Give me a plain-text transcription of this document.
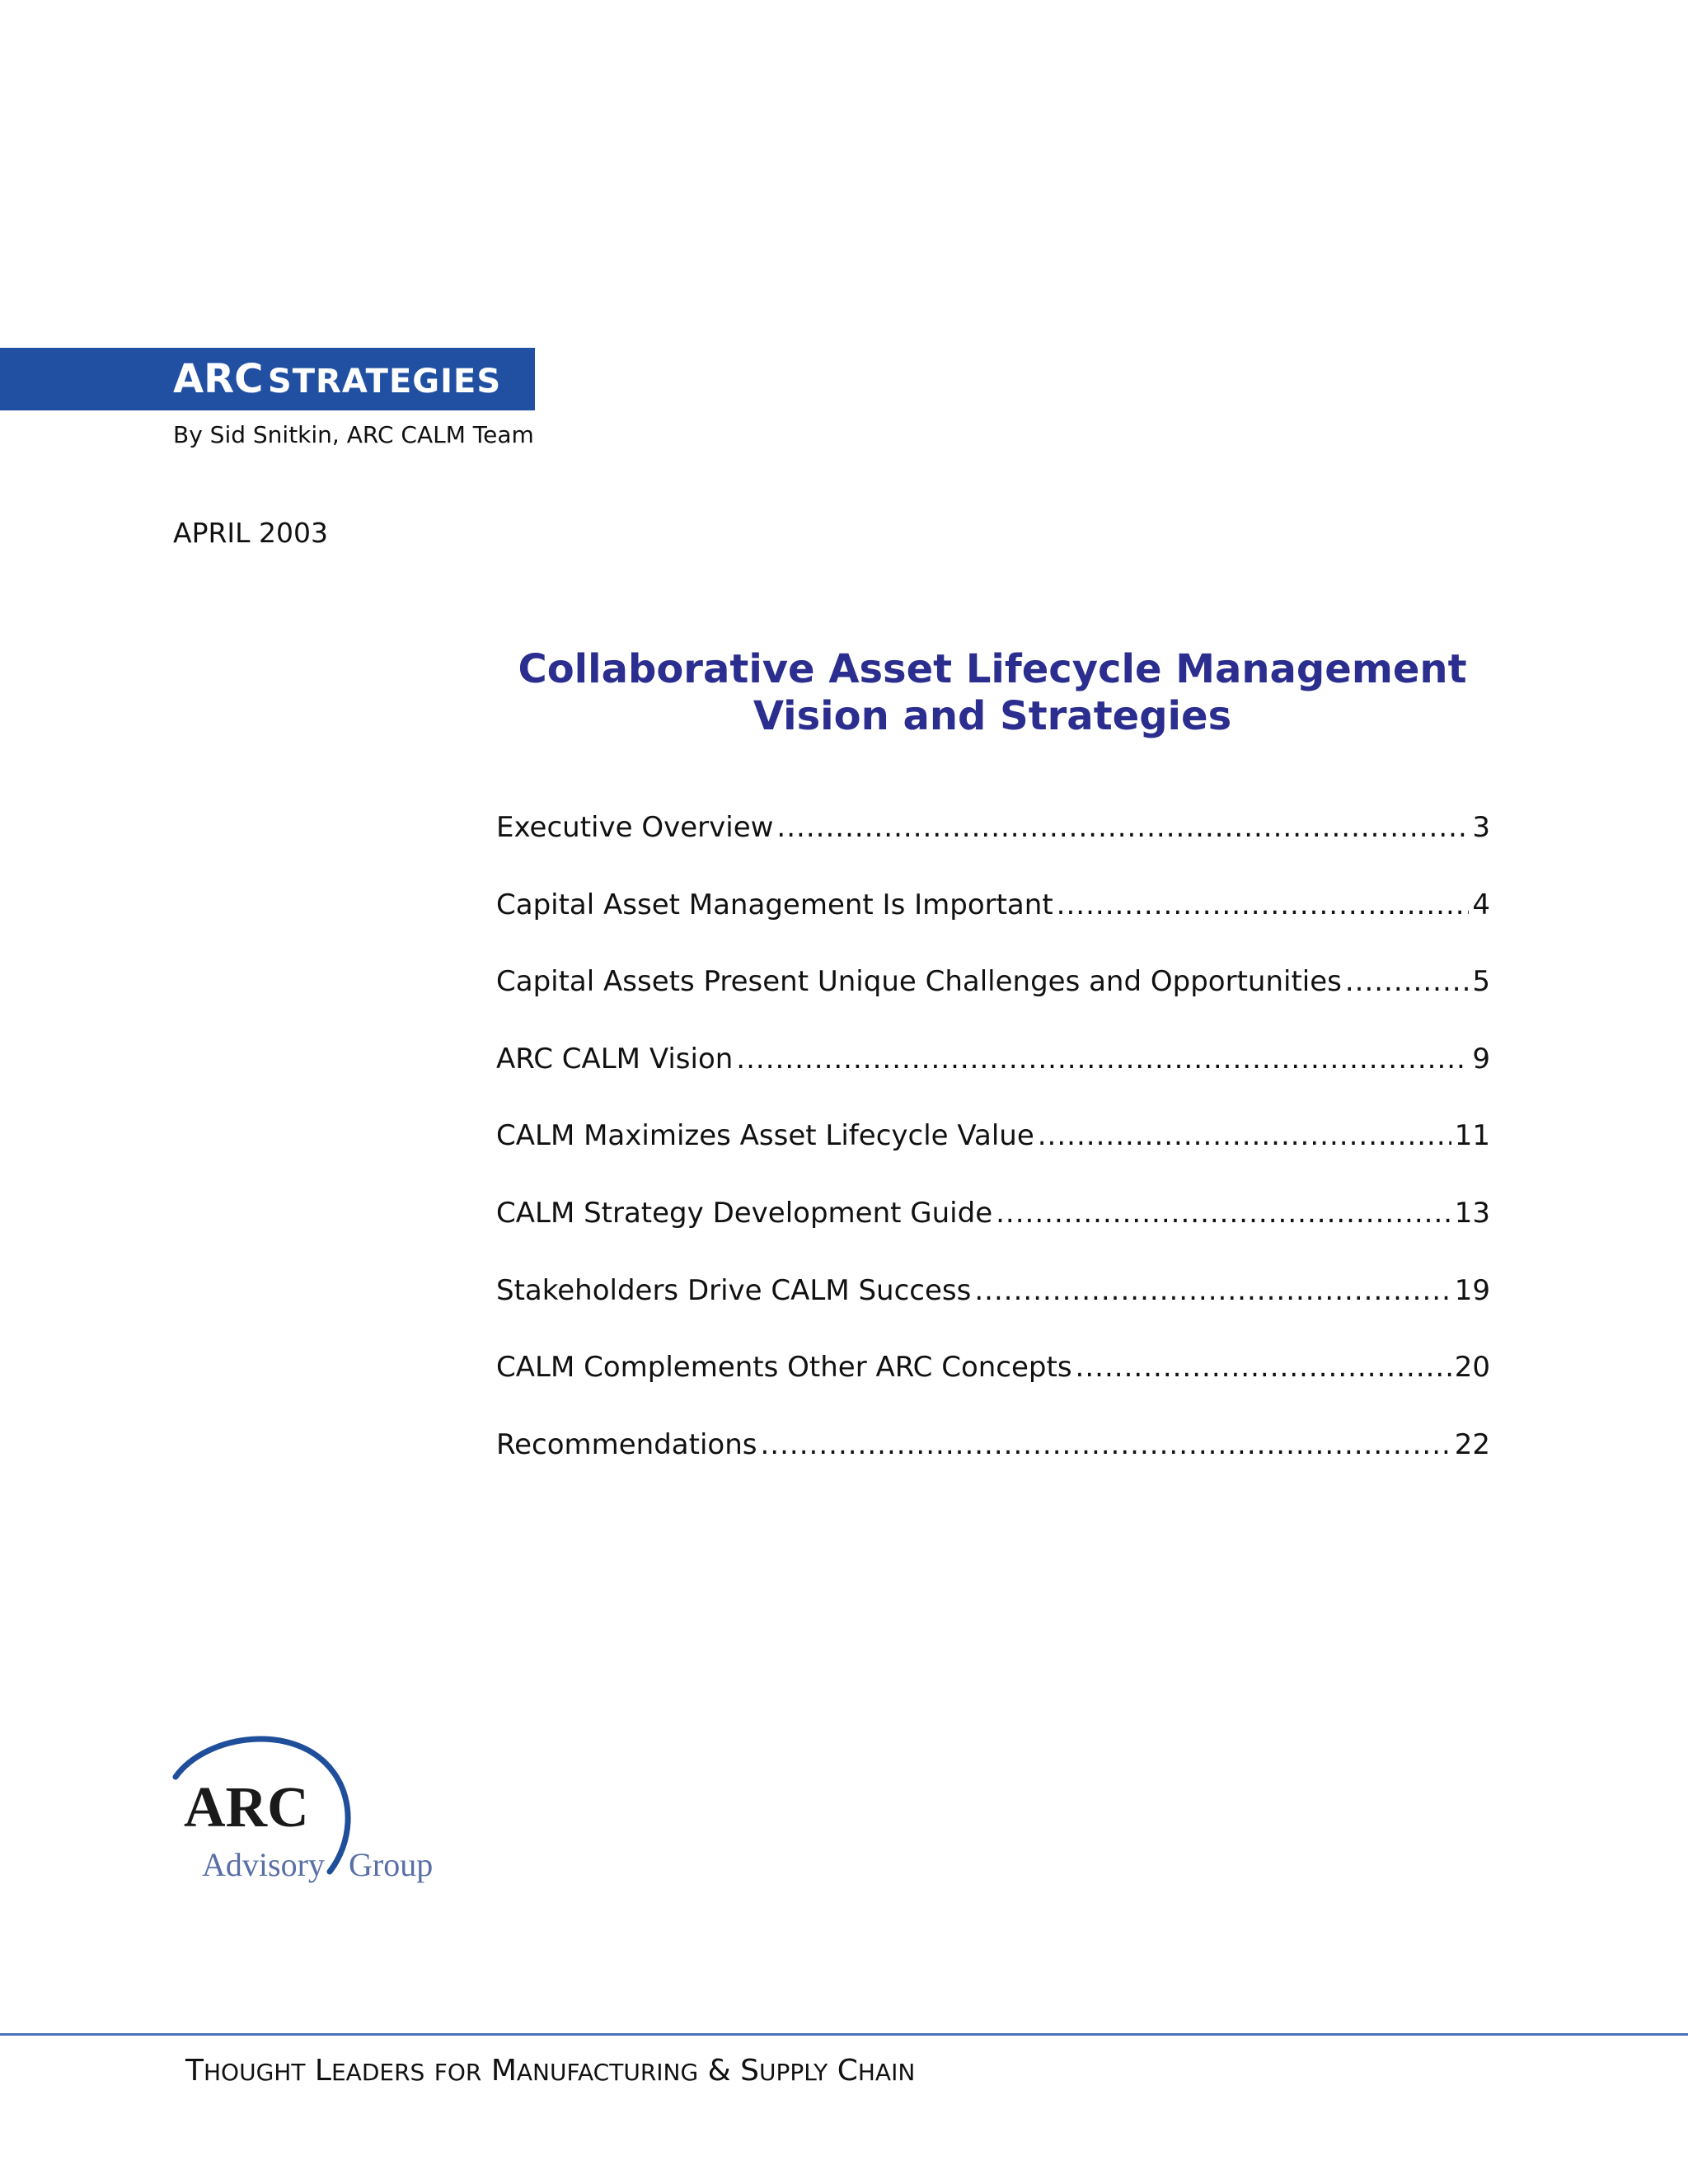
ARC STRATEGIES
By Sid Snitkin, ARC CALM Team
APRIL 2003
Collaborative Asset Lifecycle Management
Vision and Strategies
Executive Overview .....	3
Capital Asset Management Is Important .....	4
Capital Assets Present Unique Challenges and Opportunities .....	5
ARC CALM Vision .....	9
CALM Maximizes Asset Lifecycle Value .....	11
CALM Strategy Development Guide .....	13
Stakeholders Drive CALM Success .....	19
CALM Complements Other ARC Concepts .....	20
Recommendations .....	22
ARC
Advisory Group
THOUGHT LEADERS FOR MANUFACTURING & SUPPLY CHAIN
